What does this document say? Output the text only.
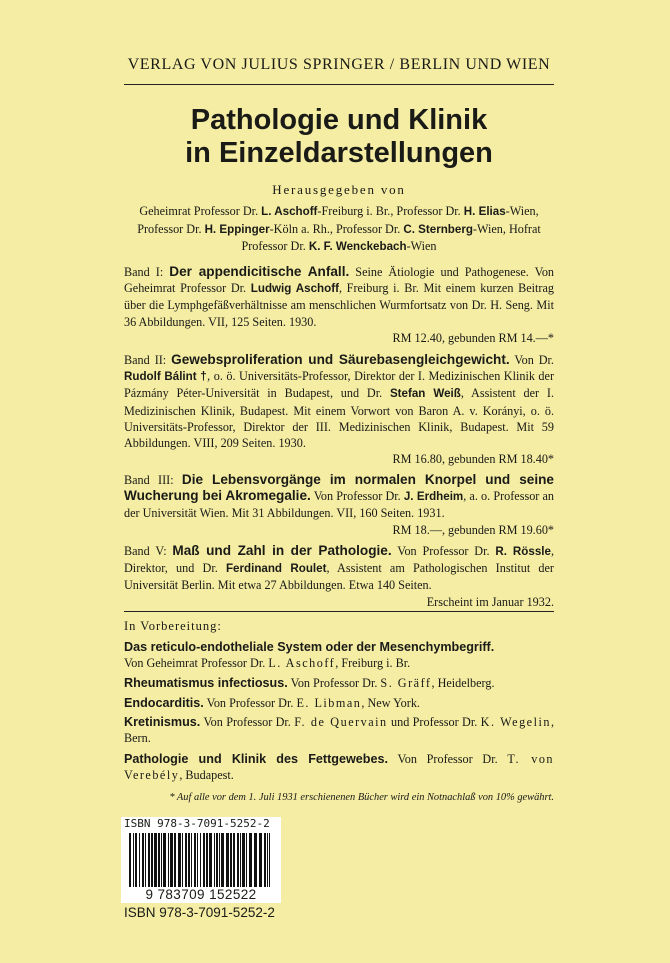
VERLAG VON JULIUS SPRINGER / BERLIN UND WIEN
Pathologie und Klinik
in Einzeldarstellungen
Herausgegeben von
Geheimrat Professor Dr. L. Aschoff-Freiburg i. Br., Professor Dr. H. Elias-Wien, Professor Dr. H. Eppinger-Köln a. Rh., Professor Dr. C. Sternberg-Wien, Hofrat Professor Dr. K. F. Wenckebach-Wien
Band I: Der appendicitische Anfall. Seine Ätiologie und Pathogenese. Von Geheimrat Professor Dr. Ludwig Aschoff, Freiburg i. Br. Mit einem kurzen Beitrag über die Lymphgefäßverhältnisse am menschlichen Wurmfortsatz von Dr. H. Seng. Mit 36 Abbildungen. VII, 125 Seiten. 1930.
RM 12.40, gebunden RM 14.—*
Band II: Gewebsproliferation und Säurebasengleichgewicht. Von Dr. Rudolf Bálint †, o. ö. Universitäts-Professor, Direktor der I. Medizinischen Klinik der Pázmány Péter-Universität in Budapest, und Dr. Stefan Weiß, Assistent der I. Medizinischen Klinik, Budapest. Mit einem Vorwort von Baron A. v. Korányi, o. ö. Universitäts-Professor, Direktor der III. Medizinischen Klinik, Budapest. Mit 59 Abbildungen. VIII, 209 Seiten. 1930.
RM 16.80, gebunden RM 18.40*
Band III: Die Lebensvorgänge im normalen Knorpel und seine Wucherung bei Akromegalie. Von Professor Dr. J. Erdheim, a. o. Professor an der Universität Wien. Mit 31 Abbildungen. VII, 160 Seiten. 1931.
RM 18.—, gebunden RM 19.60*
Band V: Maß und Zahl in der Pathologie. Von Professor Dr. R. Rössle, Direktor, und Dr. Ferdinand Roulet, Assistent am Pathologischen Institut der Universität Berlin. Mit etwa 27 Abbildungen. Etwa 140 Seiten.
Erscheint im Januar 1932.
In Vorbereitung:
Das reticulo-endotheliale System oder der Mesenchymbegriff.
Von Geheimrat Professor Dr. L. Aschoff, Freiburg i. Br.
Rheumatismus infectiosus. Von Professor Dr. S. Gräff, Heidelberg.
Endocarditis. Von Professor Dr. E. Libman, New York.
Kretinismus. Von Professor Dr. F. de Quervain und Professor Dr. K. Wegelin, Bern.
Pathologie und Klinik des Fettgewebes. Von Professor Dr. T. von Verebély, Budapest.
* Auf alle vor dem 1. Juli 1931 erschienenen Bücher wird ein Notnachlaß von 10% gewährt.
ISBN 978-3-7091-5252-2
9 783709 152522
ISBN 978-3-7091-5252-2
